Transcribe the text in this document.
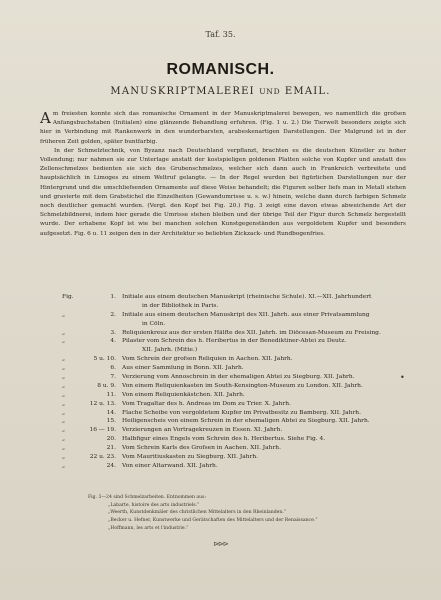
Taf. 35.
ROMANISCH.
MANUSKRIPTMALEREI UND EMAIL.

Am freiesten konnte sich das romanische Ornament in der Manuskriptmalerei bewegen, wo namentlich die grofsen Anfangsbuchstaben (Initialen) eine glänzende Behandlung erfuhren. (Fig. 1 u. 2.) Die Tierwelt besonders zeigte sich hier in Verbindung mit Rankenwerk in den wunderbarsten, arabeskenartigen Darstellungen. Der Malgrund ist in der früheren Zeit golden, später buntfarbig.

In der Schmelztechnik, von Byzanz nach Deutschland verpflanzt, brachten es die deutschen Künstler zu hoher Vollendung; nur nahmen sie zur Unterlage anstatt der kostspieligen goldenen Platten solche von Kupfer und anstatt des Zellenschmelzes bedienten sie sich des Grubenschmelzes, welcher sich dann auch in Frankreich verbreitete und hauptsächlich in Limoges zu einem Weltruf gelangte. — In der Regel wurden bei figürlichen Darstellungen nur der Hintergrund und die umschliefsenden Ornamente auf diese Weise behandelt; die Figuren selber liefs man in Metall stehen und gravierte mit dem Grabstichel die Einzelheiten (Gewandumrisse u. s. w.) hinein, welche dann durch farbigen Schmelz noch deutlicher gemacht wurden. (Vergl. den Kopf bei Fig. 20.) Fig. 3 zeigt eine davon etwas abweichende Art der Schmelzbildnerei, indem hier gerade die Umrisse stehen bleiben und der übrige Teil der Figur durch Schmelz hergestellt wurde. Der erhabene Kopf ist wie bei manchen solchen Kunstgegenständen aus vergoldetem Kupfer und besonders aufgesetzt. Fig. 6 u. 11 zeigen den in der Architektur so beliebten Zickzack- und Rundbogenfries.

Fig.	1. Initiale aus einem deutschen Manuskript (rheinische Schule). XI.—XII. Jahrhundert
in der Bibliothek in Paris.
„	2. Initiale aus einem deutschen Manuskript des XII. Jahrh. aus einer Privatsammlung
in Cöln.
„	3. Reliquienkreuz aus der ersten Hälfte des XII. Jahrh. im Diöcesan-Museum zu Freising.
„	4. Pilaster vom Schrein des h. Heribertus in der Benediktiner-Abtei zu Deutz.
XII. Jahrh. (Mitte.)
„	5 u. 10. Vom Schrein der grofsen Reliquien in Aachen. XII. Jahrh.
„	6. Aus einer Sammlung in Bonn. XII. Jahrh.
„	7. Verzierung vom Annoschrein in der ehemaligen Abtei zu Siegburg. XII. Jahrh.
„	8 u. 9. Von einem Reliquienkasten im South-Kensington-Museum zu London. XII. Jahrh.
„	11. Von einem Reliquienkästchen. XII. Jahrh.
„	12 u. 13. Vom Tragaltar des h. Andreas im Dom zu Trier. X. Jahrh.
„	14. Flache Scheibe von vergoldetem Kupfer im Privatbesitz zu Bamberg. XII. Jahrh.
„	15. Heiligenscheis von einem Schrein in der ehemaligen Abtei zu Siegburg. XII. Jahrh.
„	16 — 19. Verzierungen an Vortragekreuzen in Essen. XI. Jahrh.
„	20. Halbfigur eines Engels vom Schrein des h. Heribertus. Siehe Fig. 4.
„	21. Vom Schrein Karls des Grofsen in Aachen. XII. Jahrh.
„	22 u. 23. Vom Mauritiuskasten zu Siegburg. XII. Jahrh.
„	24. Von einer Altarwand. XII. Jahrh.
•
Fig. 3—24 sind Schmelzarbeiten. Entnommen aus:
„Labarte, histoire des arts industriels.“
„Weerth, Kunstdenkmäler des christlichen Mittelalters in den Rheinlanden.“
„Becker u. Hefner, Kunstwerke und Gerätschaften des Mittelalters und der Renaissance.“
„Hoffmann, les arts et l'industrie.“
⊳⊳⊳
